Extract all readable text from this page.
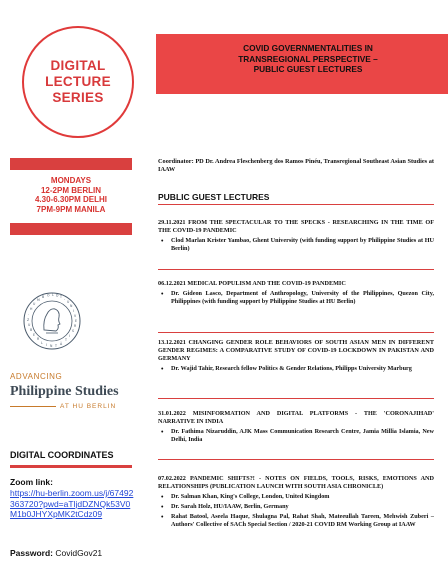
DIGITAL
LECTURE
SERIES
MONDAYS
12-2PM BERLIN
4.30-6.30PM DELHI
7PM-9PM MANILA
H
U
M
B O L D T
-
U
N
I
V
E
R
S
I
T
Ä
T
·
Z
U
B
E
R
L I N
ADVANCING
Philippine Studies
AT HU BERLIN
DIGITAL COORDINATES
Zoom link:
https://hu-berlin.zoom.us/j/67492363720?pwd=aTljdDZNQk53V0M1b0JHYXpMK2tCdz09
Password: CovidGov21
COVID GOVERNMENTALITIES IN
TRANSREGIONAL PERSPECTIVE –
PUBLIC GUEST LECTURES
Coordinator: PD Dr. Andrea Fleschenberg dos Ramos Pinéu, Transregional Southeast Asian Studies at IAAW
PUBLIC GUEST LECTURES
29.11.2021 FROM THE SPECTACULAR TO THE SPECKS - RESEARCHING IN THE TIME OF THE COVID-19 PANDEMIC
• Clod Marlan Krister Yambao, Ghent University (with funding support by Philippine Studies at HU Berlin)
06.12.2021 MEDICAL POPULISM AND THE COVID-19 PANDEMIC
• Dr. Gideon Lasco, Department of Anthropology, University of the Philippines, Quezon City, Philippines (with funding support by Philippine Studies at HU Berlin)
13.12.2021 CHANGING GENDER ROLE BEHAVIORS OF SOUTH ASIAN MEN IN DIFFERENT GENDER REGIMES: A COMPARATIVE STUDY OF COVID-19 LOCKDOWN IN PAKISTAN AND GERMANY
• Dr. Wajid Tahir, Research fellow Politics & Gender Relations, Philipps University Marburg
31.01.2022 MISINFORMATION AND DIGITAL PLATFORMS - THE 'CORONAJIHAD' NARRATIVE IN INDIA
• Dr. Fathima Nizaruddin, AJK Mass Communication Research Centre, Jamia Millia Islamia, New Delhi, India
07.02.2022 PANDEMIC SHIFTS?! - NOTES ON FIELDS, TOOLS, RISKS, EMOTIONS AND RELATIONSHIPS (PUBLICATION LAUNCH WITH SOUTH ASIA CHRONICLE)
• Dr. Salman Khan, King's College, London, United Kingdom
• Dr. Sarah Holz, HU/IAAW, Berlin, Germany
• Rahat Batool, Aseela Haque, Shulagna Pal, Rahat Shah, Mateeullah Tareen, Mehwish Zuberi – Authors' Collective of SACh Special Section / 2020-21 COVID RM Working Group at IAAW
